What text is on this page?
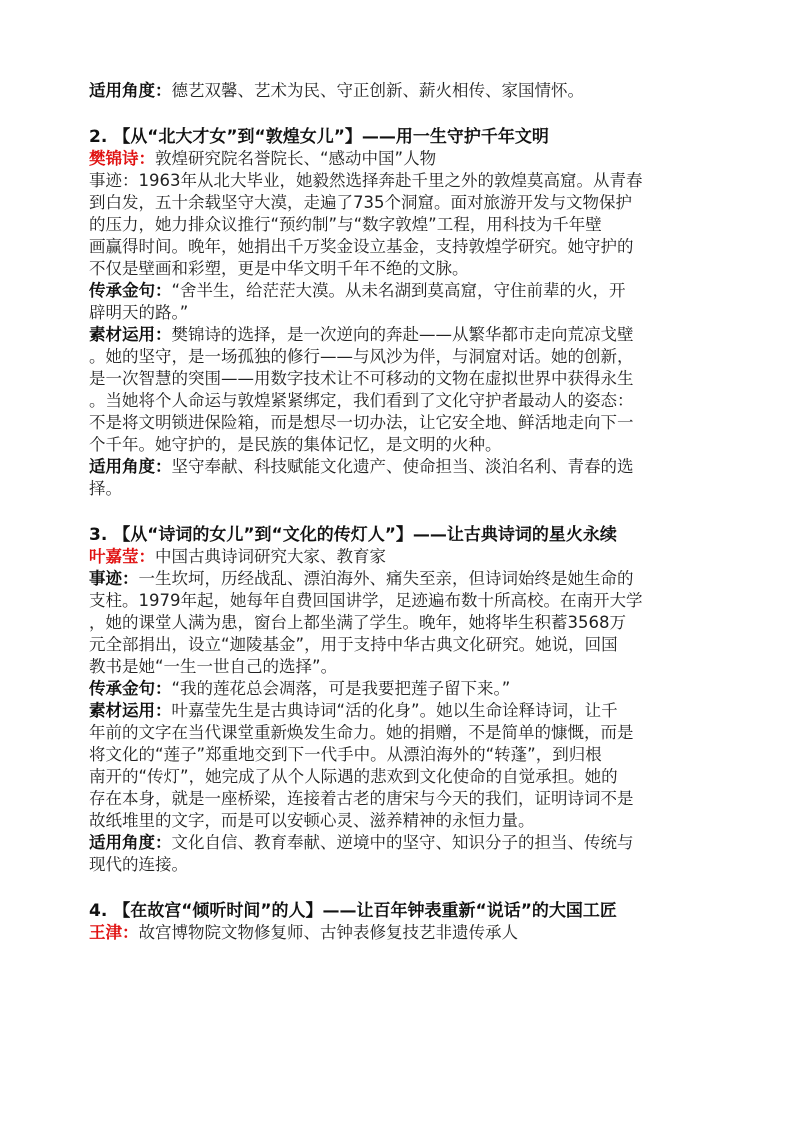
适用角度：德艺双馨、艺术为民、守正创新、薪火相传、家国情怀。
2. 【从“北大才女”到“敦煌女儿”】——用一生守护千年文明
樊锦诗：敦煌研究院名誉院长、“感动中国”人物
事迹：1963年从北大毕业，她毅然选择奔赴千里之外的敦煌莫高窟。从青春
到白发，五十余载坚守大漠，走遍了735个洞窟。面对旅游开发与文物保护
的压力，她力排众议推行“预约制”与“数字敦煌”工程，用科技为千年壁
画赢得时间。晚年，她捐出千万奖金设立基金，支持敦煌学研究。她守护的
不仅是壁画和彩塑，更是中华文明千年不绝的文脉。
传承金句：“舍半生，给茫茫大漠。从未名湖到莫高窟，守住前辈的火，开
辟明天的路。”
素材运用：樊锦诗的选择，是一次逆向的奔赴——从繁华都市走向荒凉戈壁
。她的坚守，是一场孤独的修行——与风沙为伴，与洞窟对话。她的创新，
是一次智慧的突围——用数字技术让不可移动的文物在虚拟世界中获得永生
。当她将个人命运与敦煌紧紧绑定，我们看到了文化守护者最动人的姿态：
不是将文明锁进保险箱，而是想尽一切办法，让它安全地、鲜活地走向下一
个千年。她守护的，是民族的集体记忆，是文明的火种。
适用角度：坚守奉献、科技赋能文化遗产、使命担当、淡泊名利、青春的选
择。
3. 【从“诗词的女儿”到“文化的传灯人”】——让古典诗词的星火永续
叶嘉莹：中国古典诗词研究大家、教育家
事迹：一生坎坷，历经战乱、漂泊海外、痛失至亲，但诗词始终是她生命的
支柱。1979年起，她每年自费回国讲学，足迹遍布数十所高校。在南开大学
，她的课堂人满为患，窗台上都坐满了学生。晚年，她将毕生积蓄3568万
元全部捐出，设立“迦陵基金”，用于支持中华古典文化研究。她说，回国
教书是她“一生一世自己的选择”。
传承金句：“我的莲花总会凋落，可是我要把莲子留下来。”
素材运用：叶嘉莹先生是古典诗词“活的化身”。她以生命诠释诗词，让千
年前的文字在当代课堂重新焕发生命力。她的捐赠，不是简单的慷慨，而是
将文化的“莲子”郑重地交到下一代手中。从漂泊海外的“转蓬”，到归根
南开的“传灯”，她完成了从个人际遇的悲欢到文化使命的自觉承担。她的
存在本身，就是一座桥梁，连接着古老的唐宋与今天的我们，证明诗词不是
故纸堆里的文字，而是可以安顿心灵、滋养精神的永恒力量。
适用角度：文化自信、教育奉献、逆境中的坚守、知识分子的担当、传统与
现代的连接。
4. 【在故宫“倾听时间”的人】——让百年钟表重新“说话”的大国工匠
王津：故宫博物院文物修复师、古钟表修复技艺非遗传承人
